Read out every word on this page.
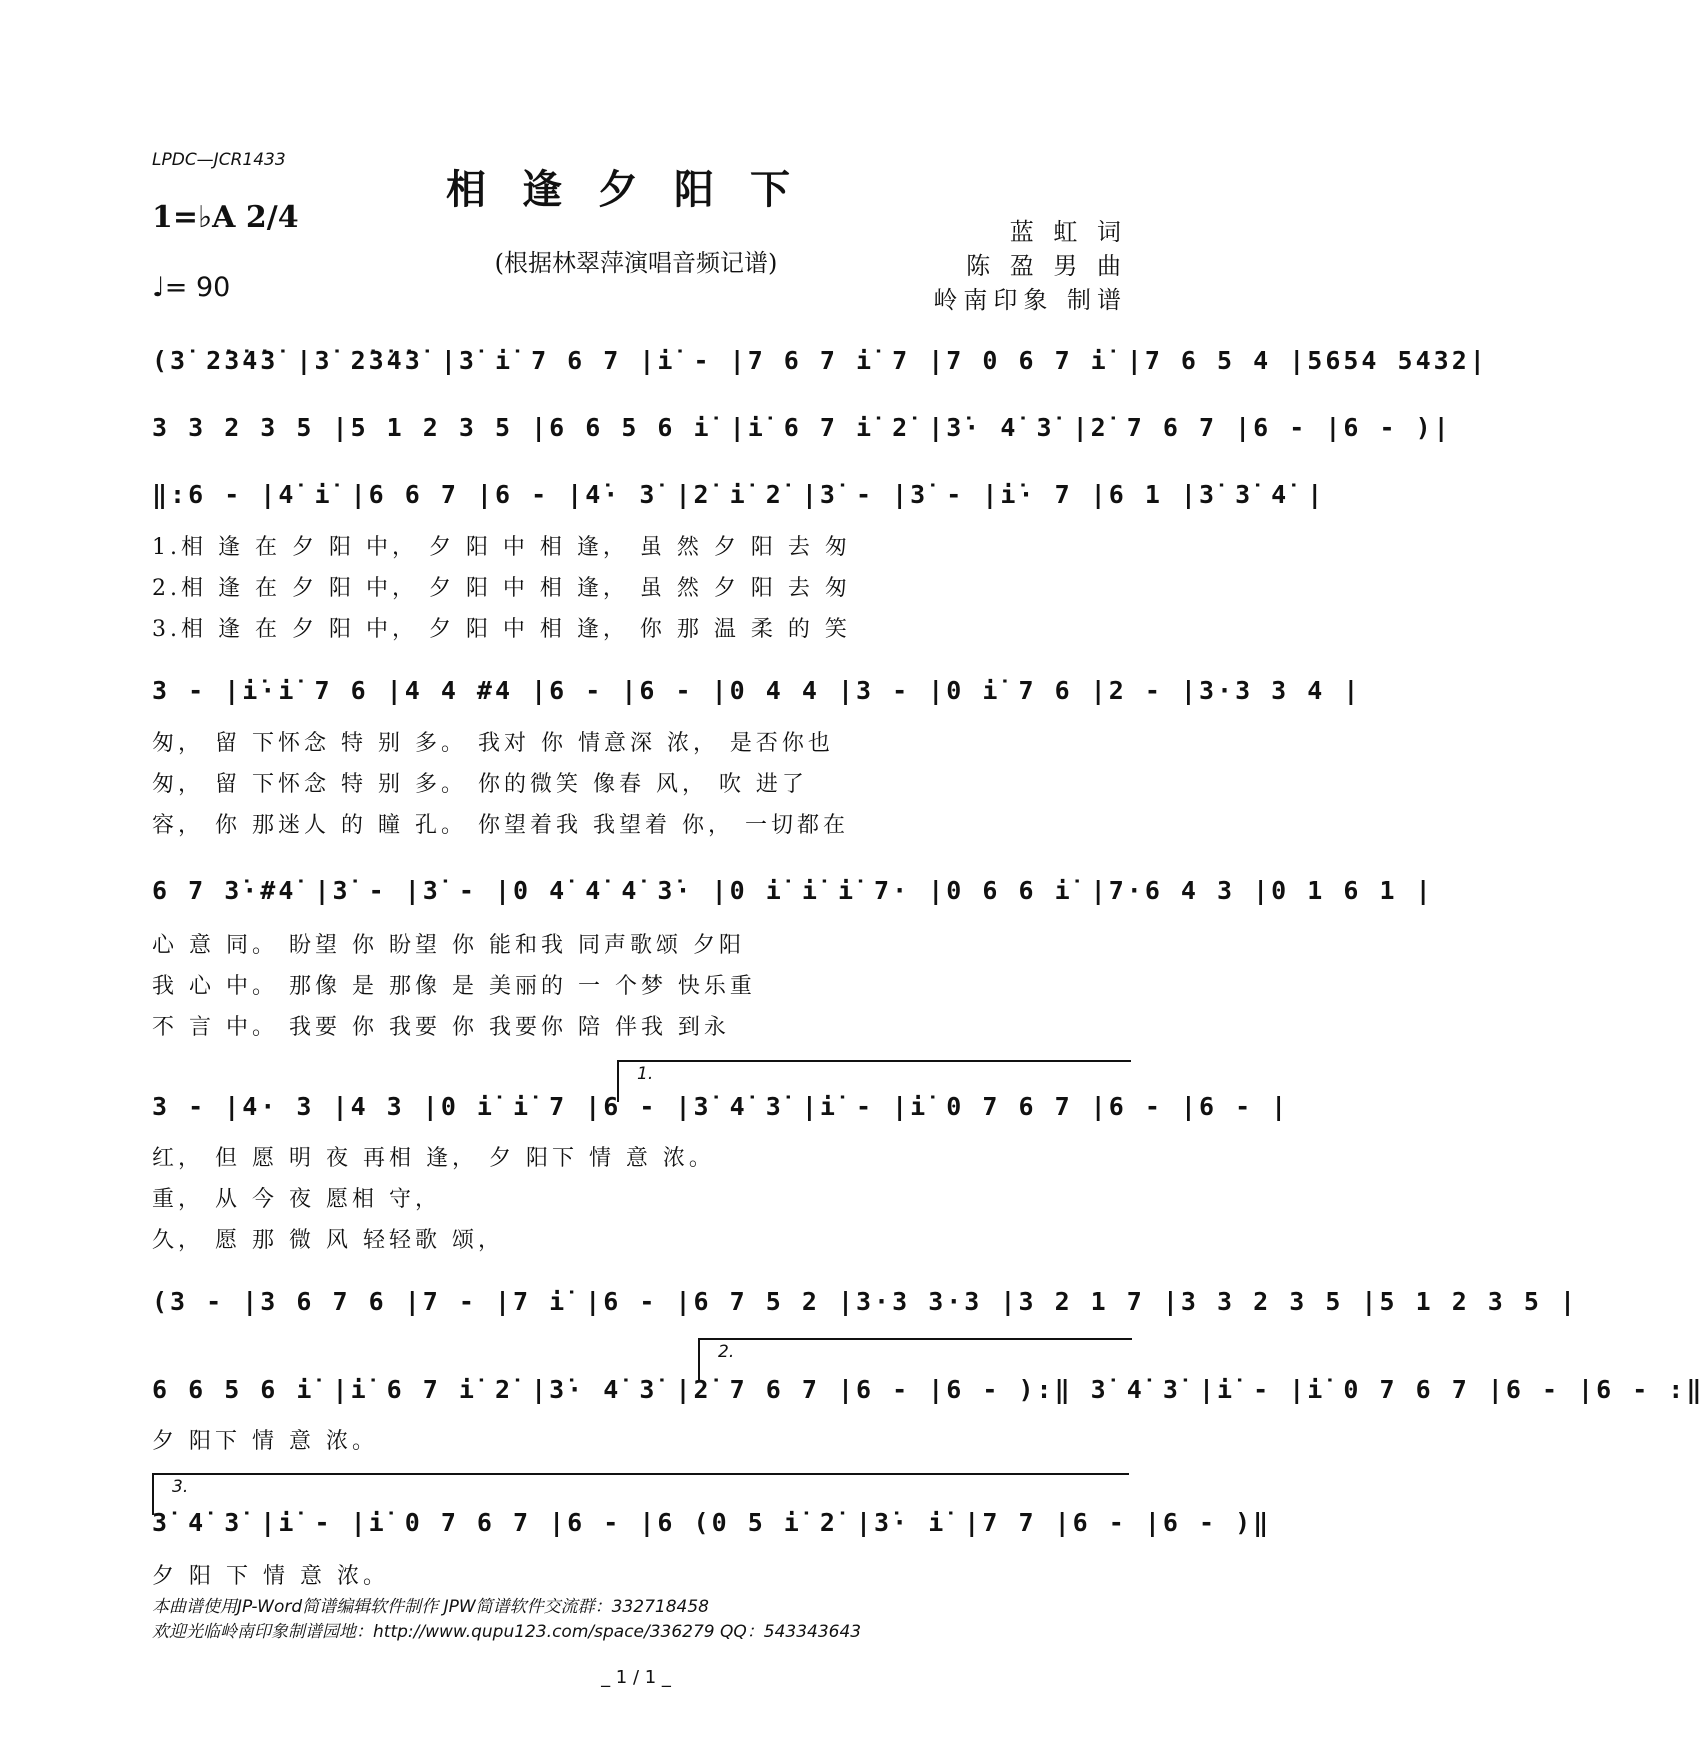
LPDC—JCR1433
相逢夕阳下
1=♭A 2/4
(根据林翠萍演唱音频记谱)
♩= 90
蓝 虹 词
陈 盈 男 曲
岭南印象 制谱
(3̇ 2̇3̇4̇3̇ |3̇ 2̇3̇4̇3̇ |3̇ i̇ 7 6 7 |i̇ - |7 6 7 i̇ 7 |7 0 6 7 i̇ |7 6 5 4 |5654 5432|
3 3 2 3 5 |5 1 2 3 5 |6 6 5 6 i̇ |i̇ 6 7 i̇ 2̇ |3̇· 4̇ 3̇ |2̇ 7 6 7 |6 - |6 - )|
‖:6 - |4̇ i̇ |6 6 7 |6 - |4̇· 3̇ |2̇ i̇ 2̇ |3̇ - |3̇ - |i̇· 7 |6 1 |3̇ 3̇ 4̇ |
1.相 逢 在 夕 阳 中， 夕 阳 中 相 逢， 虽 然 夕 阳 去 匆
2.相 逢 在 夕 阳 中， 夕 阳 中 相 逢， 虽 然 夕 阳 去 匆
3.相 逢 在 夕 阳 中， 夕 阳 中 相 逢， 你 那 温 柔 的 笑
3 - |i̇·i̇ 7 6 |4 4 #4 |6 - |6 - |0 4 4 |3 - |0 i̇ 7 6 |2 - |3·3 3 4 |
匆， 留 下怀念 特 别 多。 我对 你 情意深 浓， 是否你也
匆， 留 下怀念 特 别 多。 你的微笑 像春 风， 吹 进了
容， 你 那迷人 的 瞳 孔。 你望着我 我望着 你， 一切都在
6 7 3̇·#4̇ |3̇ - |3̇ - |0 4̇ 4̇ 4̇ 3̇· |0 i̇ i̇ i̇ 7· |0 6 6 i̇ |7·6 4 3 |0 1 6 1 |
心 意 同。 盼望 你 盼望 你 能和我 同声歌颂 夕阳
我 心 中。 那像 是 那像 是 美丽的 一 个梦 快乐重
不 言 中。 我要 你 我要 你 我要你 陪 伴我 到永
1.
3 - |4· 3 |4 3 |0 i̇ i̇ 7 |6 - |3̇ 4̇ 3̇ |i̇ - |i̇ 0 7 6 7 |6 - |6 - |
红， 但 愿 明 夜 再相 逢， 夕 阳下 情 意 浓。
重， 从 今 夜 愿相 守，
久， 愿 那 微 风 轻轻歌 颂，
(3 - |3 6 7 6 |7 - |7 i̇ |6 - |6 7 5 2 |3·3 3·3 |3 2 1 7 |3 3 2 3 5 |5 1 2 3 5 |
2.
6 6 5 6 i̇ |i̇ 6 7 i̇ 2̇ |3̇· 4̇ 3̇ |2̇ 7 6 7 |6 - |6 - ):‖ 3̇ 4̇ 3̇ |i̇ - |i̇ 0 7 6 7 |6 - |6 - :‖
夕 阳下 情 意 浓。
3.
3̇ 4̇ 3̇ |i̇ - |i̇ 0 7 6 7 |6 - |6 (0 5 i̇ 2̇ |3̇· i̇ |7 7 |6 - |6 - )‖
夕 阳 下 情 意 浓。
本曲谱使用JP-Word简谱编辑软件制作 JPW简谱软件交流群：332718458
欢迎光临岭南印象制谱园地：http://www.qupu123.com/space/336279 QQ：543343643
_ 1 / 1 _
